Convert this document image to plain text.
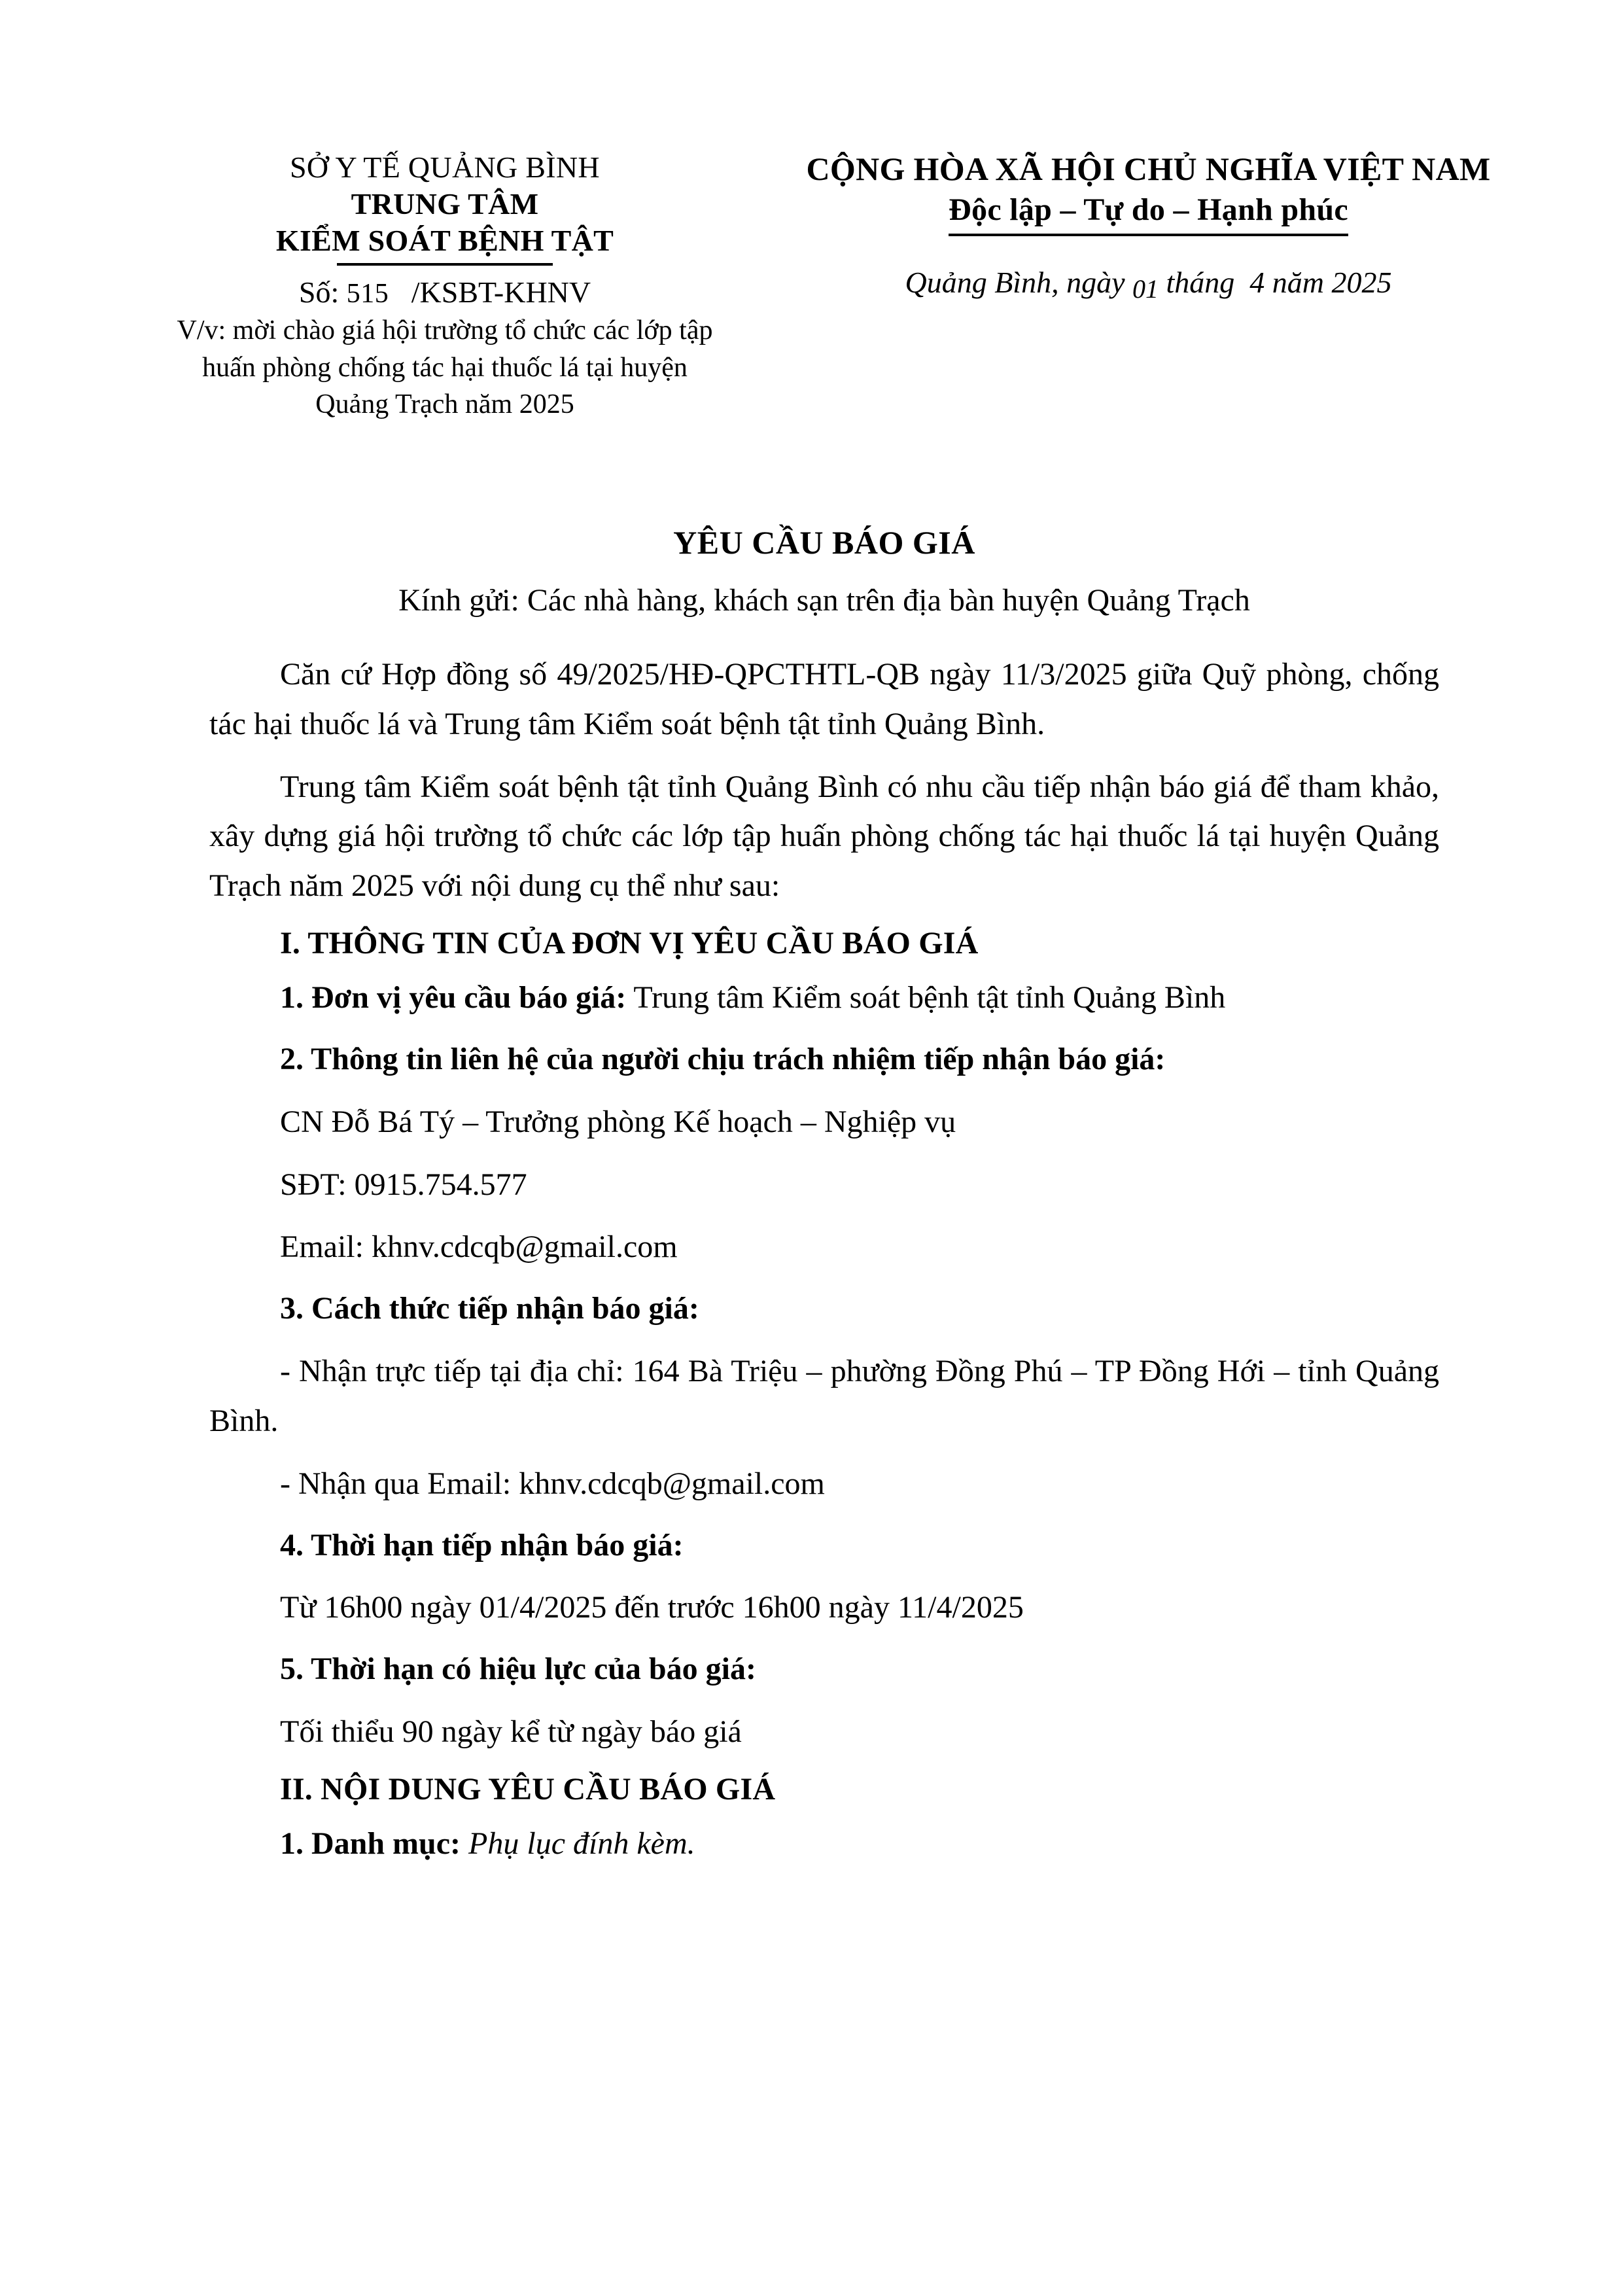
SỞ Y TẾ QUẢNG BÌNH
TRUNG TÂM
KIỂM SOÁT BỆNH TẬT
Số: 515   /KSBT-KHNV
V/v: mời chào giá hội trường tổ chức các lớp tập huấn phòng chống tác hại thuốc lá tại huyện Quảng Trạch năm 2025
CỘNG HÒA XÃ HỘI CHỦ NGHĨA VIỆT NAM
Độc lập – Tự do – Hạnh phúc
Quảng Bình, ngày 01 tháng  4 năm 2025
YÊU CẦU BÁO GIÁ
Kính gửi: Các nhà hàng, khách sạn trên địa bàn huyện Quảng Trạch

Căn cứ Hợp đồng số 49/2025/HĐ-QPCTHTL-QB ngày 11/3/2025 giữa Quỹ phòng, chống tác hại thuốc lá và Trung tâm Kiểm soát bệnh tật tỉnh Quảng Bình.

Trung tâm Kiểm soát bệnh tật tỉnh Quảng Bình có nhu cầu tiếp nhận báo giá để tham khảo, xây dựng giá hội trường tổ chức các lớp tập huấn phòng chống tác hại thuốc lá tại huyện Quảng Trạch năm 2025 với nội dung cụ thể như sau:

I. THÔNG TIN CỦA ĐƠN VỊ YÊU CẦU BÁO GIÁ
1. Đơn vị yêu cầu báo giá: Trung tâm Kiểm soát bệnh tật tỉnh Quảng Bình
2. Thông tin liên hệ của người chịu trách nhiệm tiếp nhận báo giá:
CN Đỗ Bá Tý – Trưởng phòng Kế hoạch – Nghiệp vụ
SĐT: 0915.754.577
Email: khnv.cdcqb@gmail.com
3. Cách thức tiếp nhận báo giá:
- Nhận trực tiếp tại địa chỉ: 164 Bà Triệu – phường Đồng Phú – TP Đồng Hới – tỉnh Quảng Bình.
- Nhận qua Email: khnv.cdcqb@gmail.com
4. Thời hạn tiếp nhận báo giá:
Từ 16h00 ngày 01/4/2025 đến trước 16h00 ngày 11/4/2025
5. Thời hạn có hiệu lực của báo giá:
Tối thiểu 90 ngày kể từ ngày báo giá
II. NỘI DUNG YÊU CẦU BÁO GIÁ
1. Danh mục: Phụ lục đính kèm.
